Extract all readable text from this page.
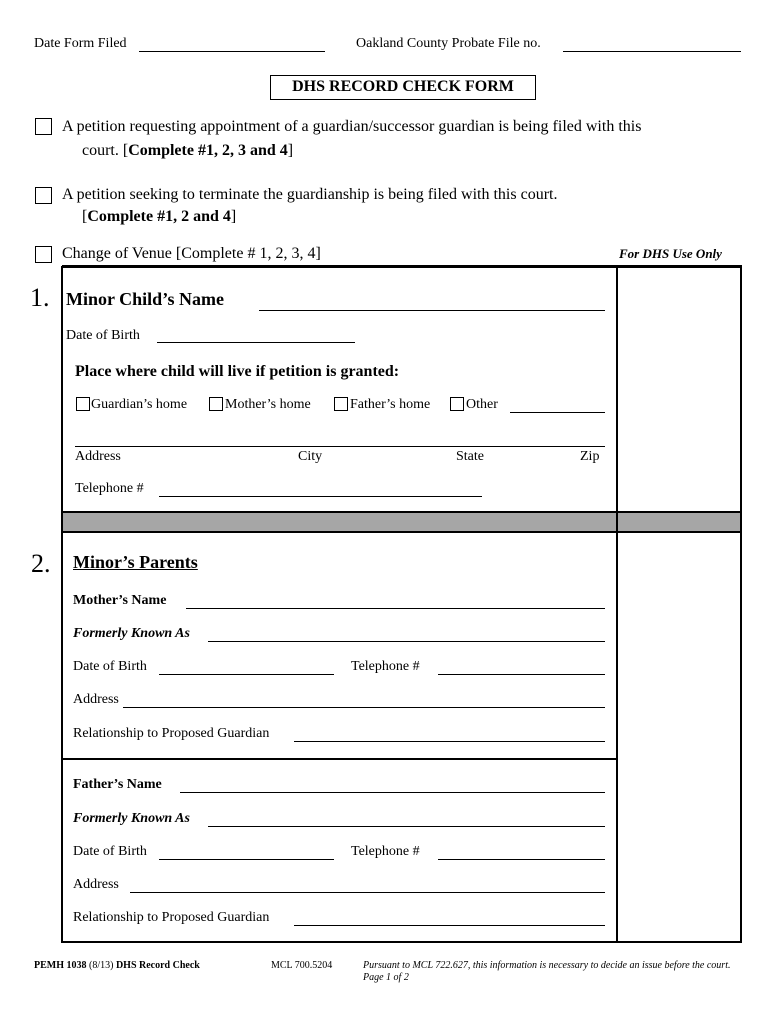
Date Form Filed	Oakland County Probate File no.
DHS RECORD CHECK FORM
A petition requesting appointment of a guardian/successor guardian is being filed with this
court. [Complete #1, 2, 3 and 4]
A petition seeking to terminate the guardianship is being filed with this court.
[Complete #1, 2 and 4]
Change of Venue [Complete # 1, 2, 3, 4]	For DHS Use Only
1. Minor Child’s Name
Date of Birth
Place where child will live if petition is granted:
Guardian’s home	Mother’s home	Father’s home	Other
Address	City	State	Zip
Telephone #
2. Minor’s Parents
Mother’s Name
Formerly Known As
Date of Birth	Telephone #
Address
Relationship to Proposed Guardian
Father’s Name
Formerly Known As
Date of Birth	Telephone #
Address
Relationship to Proposed Guardian
PEMH 1038 (8/13) DHS Record Check	MCL 700.5204	Pursuant to MCL 722.627, this information is necessary to decide an issue before the court.
Page 1 of 2
